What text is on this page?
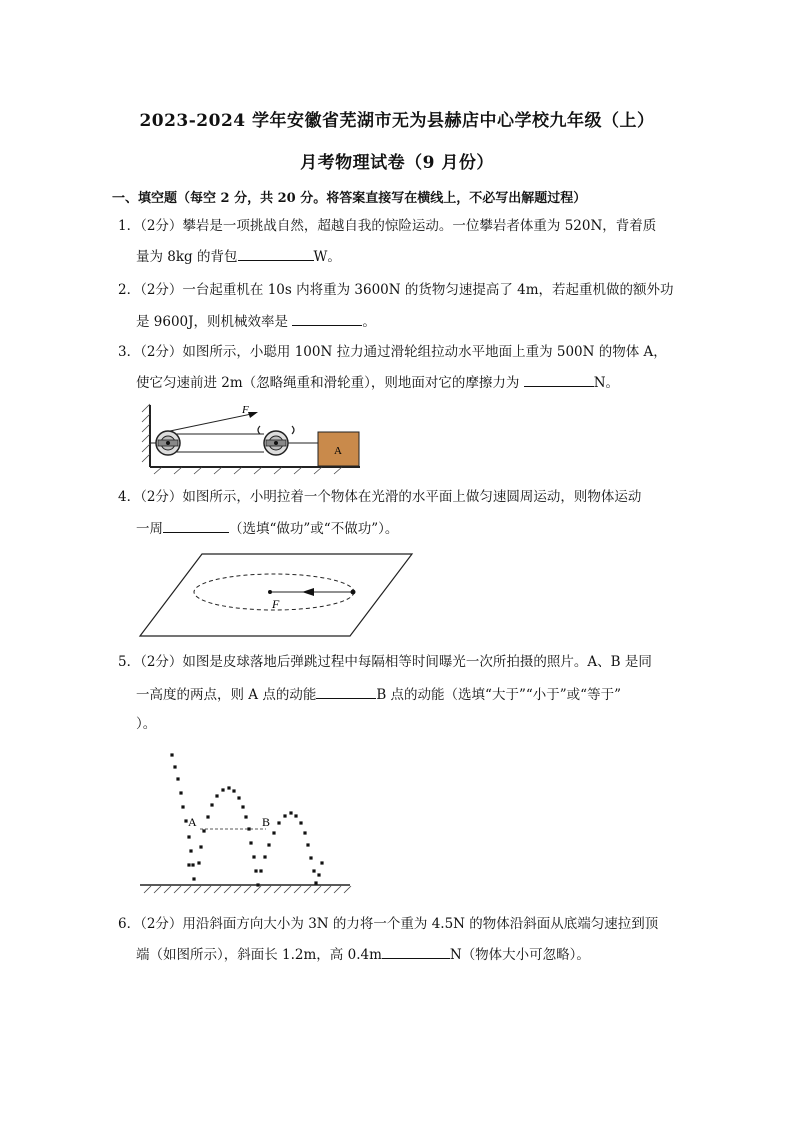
2023-2024 学年安徽省芜湖市无为县赫店中心学校九年级（上）
月考物理试卷（9 月份）
一、填空题（每空 2 分，共 20 分。将答案直接写在横线上，不必写出解题过程）
1．（2分）攀岩是一项挑战自然，超越自我的惊险运动。一位攀岩者体重为 520N，背着质
量为 8kg 的背包	W。
2．（2分）一台起重机在 10s 内将重为 3600N 的货物匀速提高了 4m，若起重机做的额外功
是 9600J，则机械效率是	。
3．（2分）如图所示，小聪用 100N 拉力通过滑轮组拉动水平地面上重为 500N 的物体 A，
使它匀速前进 2m（忽略绳重和滑轮重），则地面对它的摩擦力为	N。
F
A
4．（2分）如图所示，小明拉着一个物体在光滑的水平面上做匀速圆周运动，则物体运动
一周	（选填“做功”或“不做功”）。
F
5．（2分）如图是皮球落地后弹跳过程中每隔相等时间曝光一次所拍摄的照片。A、B 是同
一高度的两点，则 A 点的动能	B 点的动能（选填“大于”“小于”或“等于”
）。
A	B
6．（2分）用沿斜面方向大小为 3N 的力将一个重为 4.5N 的物体沿斜面从底端匀速拉到顶
端（如图所示），斜面长 1.2m，高 0.4m	N（物体大小可忽略）。
